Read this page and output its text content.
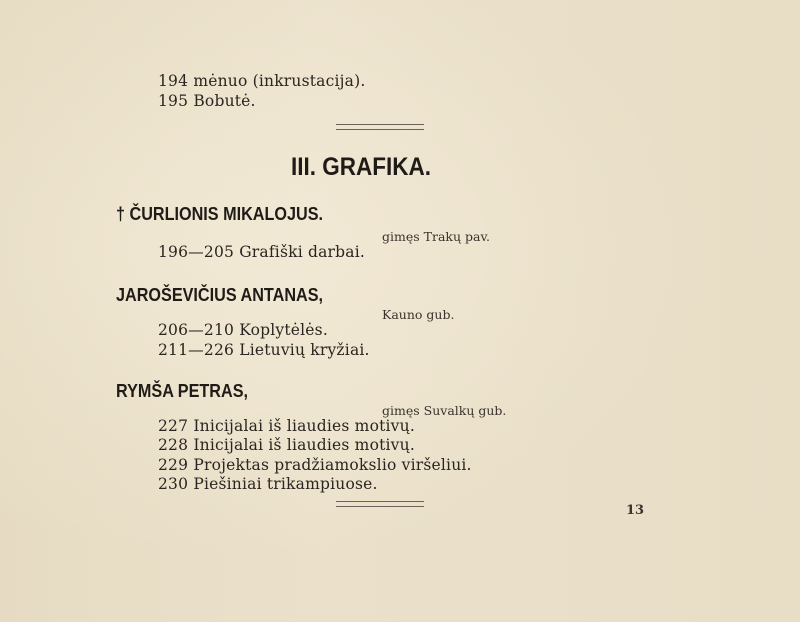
194 mėnuo (inkrustacija).
195 Bobutė.
III. GRAFIKA.
† ČURLIONIS MIKALOJUS.
gimęs Trakų pav.
196—205 Grafiški darbai.
JAROŠEVIČIUS ANTANAS,
Kauno gub.
206—210 Koplytėlės.
211—226 Lietuvių kryžiai.
RYMŠA PETRAS,
gimęs Suvalkų gub.
227 Inicijalai iš liaudies motivų.
228 Inicijalai iš liaudies motivų.
229 Projektas pradžiamokslio viršeliui.
230 Piešiniai trikampiuose.
13
